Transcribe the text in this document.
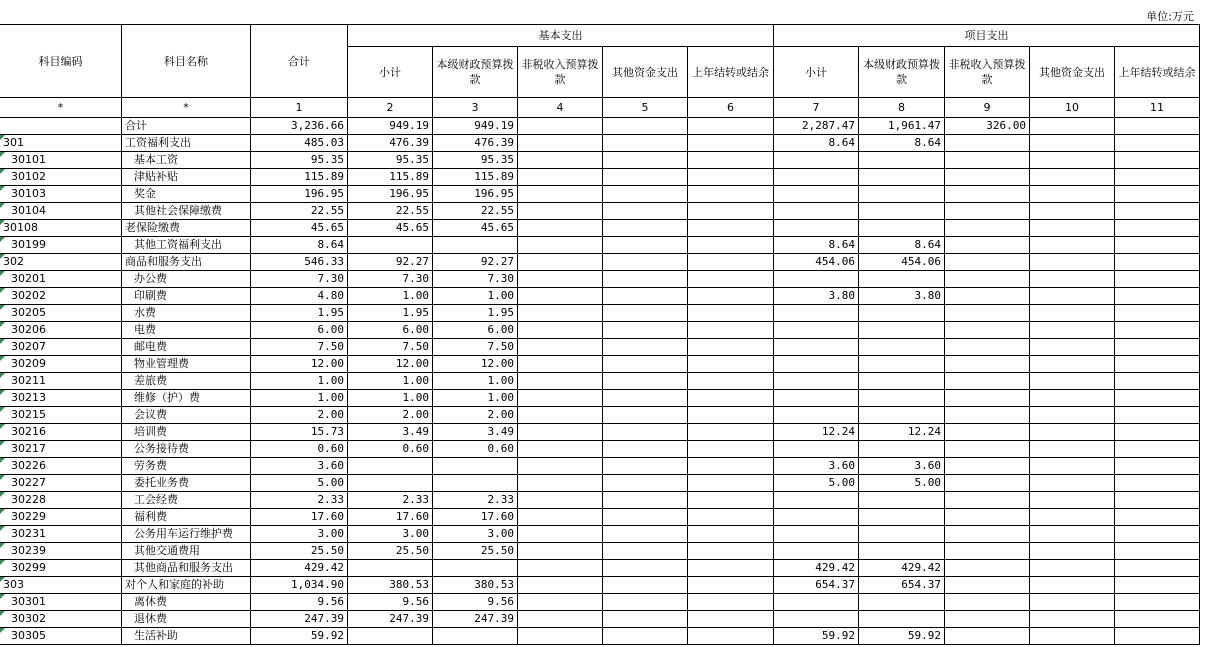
单位:万元
科目编码	科目名称	合计	基本支出					项目支出				
			小计	本级财政预算拨款	非税收入预算拨款	其他资金支出	上年结转或结余	小计	本级财政预算拨款	非税收入预算拨款	其他资金支出	上年结转或结余
*	*	1	2	3	4	5	6	7	8	9	10	11
	合计	3,236.66	949.19	949.19				2,287.47	1,961.47	326.00		
301	工资福利支出	485.03	476.39	476.39				8.64	8.64			
30101	基本工资	95.35	95.35	95.35								
30102	津贴补贴	115.89	115.89	115.89								
30103	奖金	196.95	196.95	196.95								
30104	其他社会保障缴费	22.55	22.55	22.55								
30108	老保险缴费	45.65	45.65	45.65								
30199	其他工资福利支出	8.64						8.64	8.64			
302	商品和服务支出	546.33	92.27	92.27				454.06	454.06			
30201	办公费	7.30	7.30	7.30								
30202	印刷费	4.80	1.00	1.00				3.80	3.80			
30205	水费	1.95	1.95	1.95								
30206	电费	6.00	6.00	6.00								
30207	邮电费	7.50	7.50	7.50								
30209	物业管理费	12.00	12.00	12.00								
30211	差旅费	1.00	1.00	1.00								
30213	维修（护）费	1.00	1.00	1.00								
30215	会议费	2.00	2.00	2.00								
30216	培训费	15.73	3.49	3.49				12.24	12.24			
30217	公务接待费	0.60	0.60	0.60								
30226	劳务费	3.60						3.60	3.60			
30227	委托业务费	5.00						5.00	5.00			
30228	工会经费	2.33	2.33	2.33								
30229	福利费	17.60	17.60	17.60								
30231	公务用车运行维护费	3.00	3.00	3.00								
30239	其他交通费用	25.50	25.50	25.50								
30299	其他商品和服务支出	429.42						429.42	429.42			
303	对个人和家庭的补助	1,034.90	380.53	380.53				654.37	654.37			
30301	离休费	9.56	9.56	9.56								
30302	退休费	247.39	247.39	247.39								
30305	生活补助	59.92						59.92	59.92			
